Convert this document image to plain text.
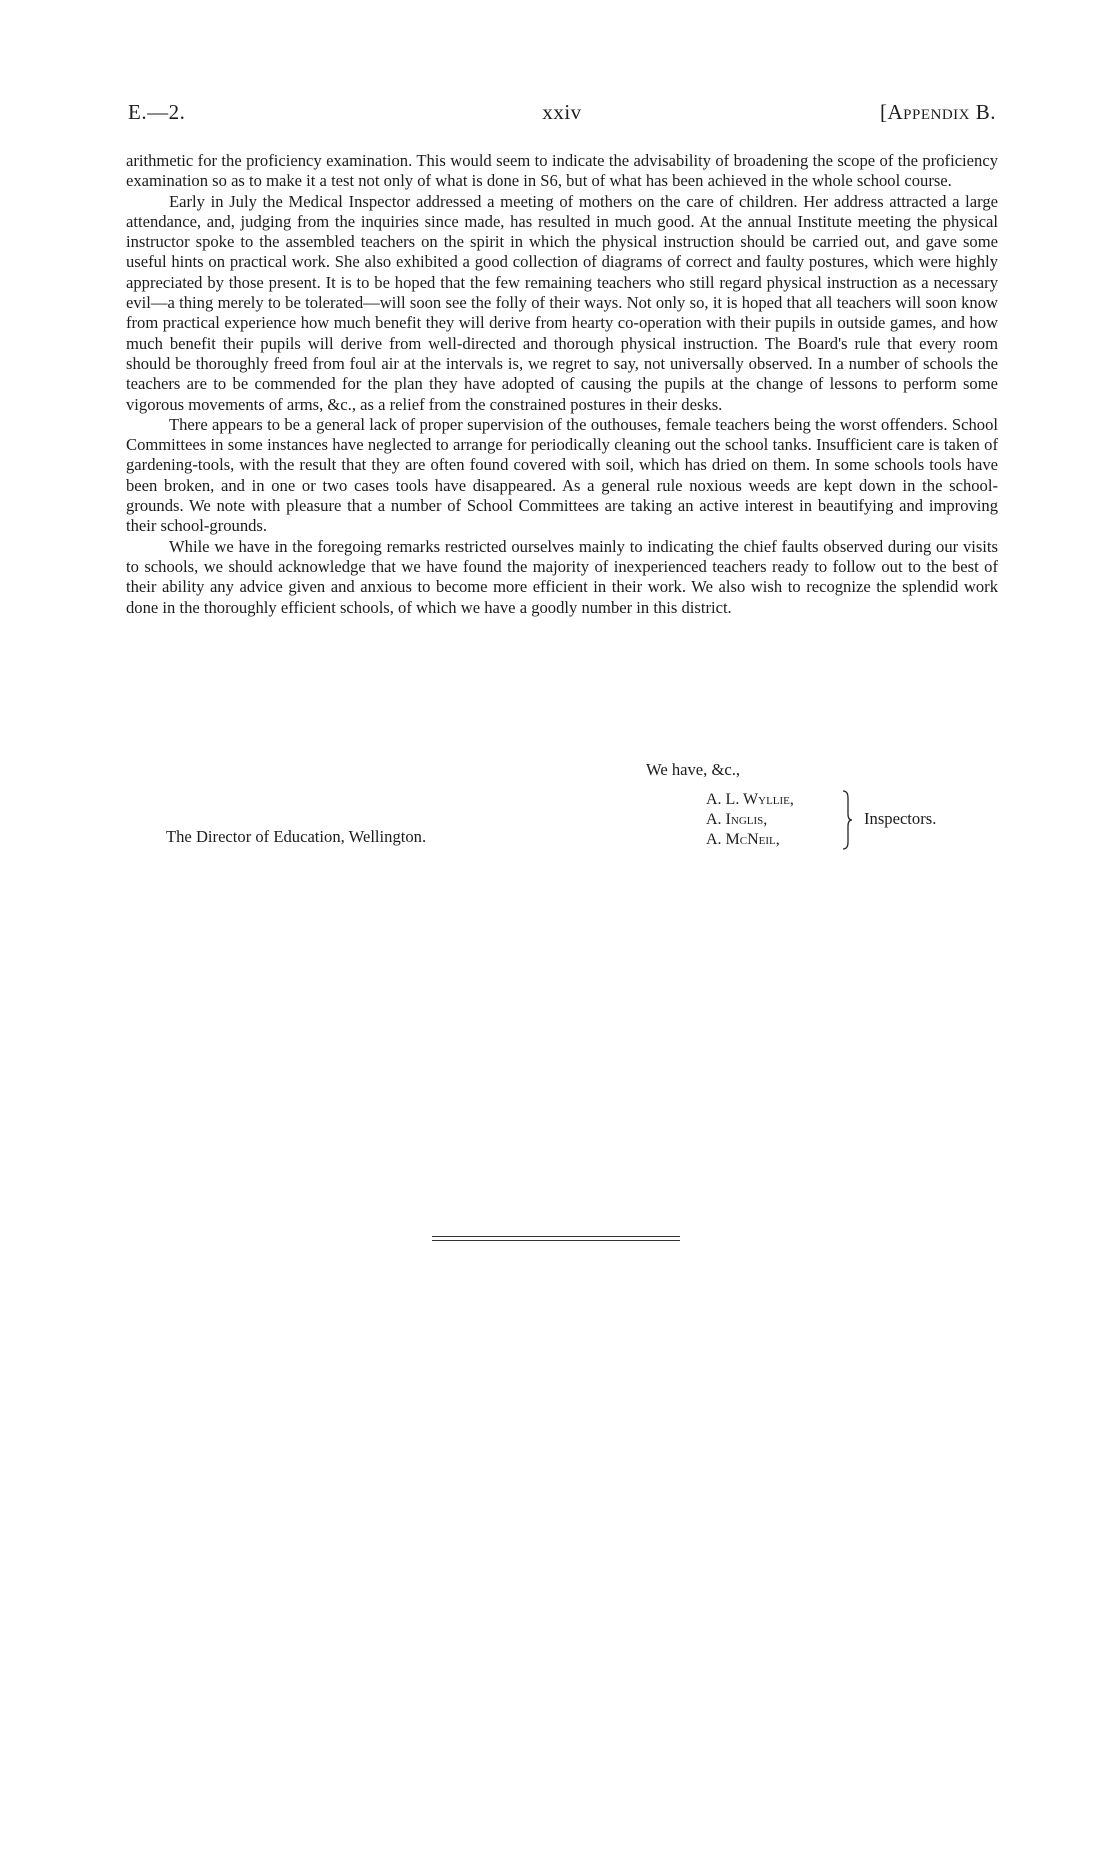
E.—2.	xxiv	[Appendix B.

arithmetic for the proficiency examination. This would seem to indicate the advisability of broadening the scope of the proficiency examination so as to make it a test not only of what is done in S6, but of what has been achieved in the whole school course.

Early in July the Medical Inspector addressed a meeting of mothers on the care of children. Her address attracted a large attendance, and, judging from the inquiries since made, has resulted in much good. At the annual Institute meeting the physical instructor spoke to the assembled teachers on the spirit in which the physical instruction should be carried out, and gave some useful hints on practical work. She also exhibited a good collection of diagrams of correct and faulty postures, which were highly appreciated by those present. It is to be hoped that the few remaining teachers who still regard physical instruction as a necessary evil—a thing merely to be tolerated—will soon see the folly of their ways. Not only so, it is hoped that all teachers will soon know from practical experience how much benefit they will derive from hearty co-operation with their pupils in outside games, and how much benefit their pupils will derive from well-directed and thorough physical instruction. The Board's rule that every room should be thoroughly freed from foul air at the intervals is, we regret to say, not universally observed. In a number of schools the teachers are to be commended for the plan they have adopted of causing the pupils at the change of lessons to perform some vigorous movements of arms, &c., as a relief from the constrained postures in their desks.

There appears to be a general lack of proper supervision of the outhouses, female teachers being the worst offenders. School Committees in some instances have neglected to arrange for periodically cleaning out the school tanks. Insufficient care is taken of gardening-tools, with the result that they are often found covered with soil, which has dried on them. In some schools tools have been broken, and in one or two cases tools have disappeared. As a general rule noxious weeds are kept down in the school-grounds. We note with pleasure that a number of School Committees are taking an active interest in beautifying and improving their school-grounds.

While we have in the foregoing remarks restricted ourselves mainly to indicating the chief faults observed during our visits to schools, we should acknowledge that we have found the majority of inexperienced teachers ready to follow out to the best of their ability any advice given and anxious to become more efficient in their work. We also wish to recognize the splendid work done in the thoroughly efficient schools, of which we have a goodly number in this district.

We have, &c.,
A. L. Wyllie,
A. Inglis,
A. McNeil,
Inspectors.
The Director of Education, Wellington.
